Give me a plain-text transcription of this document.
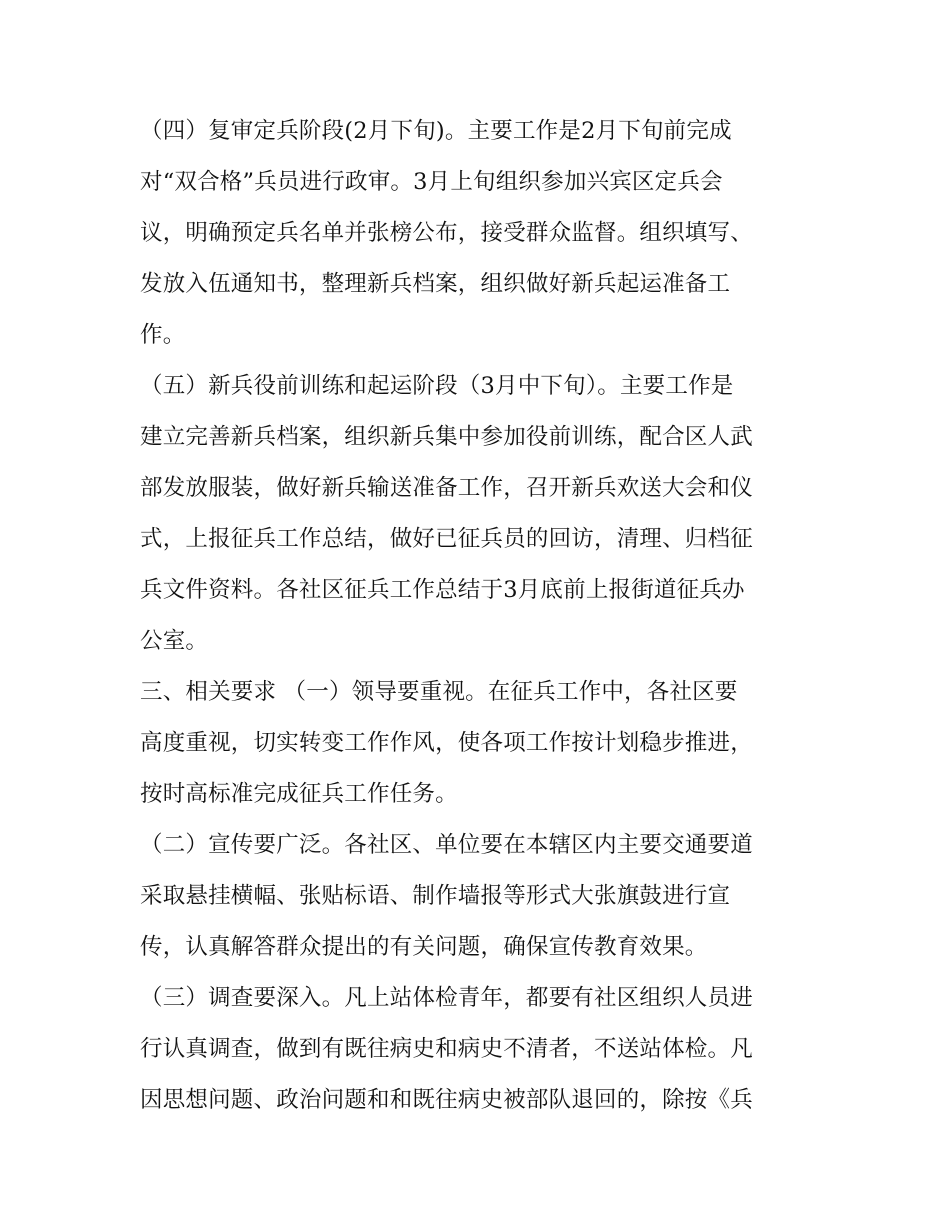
（四）复审定兵阶段(2月下旬)。主要工作是2月下旬前完成

对“双合格”兵员进行政审。3月上旬组织参加兴宾区定兵会

议，明确预定兵名单并张榜公布，接受群众监督。组织填写、

发放入伍通知书，整理新兵档案，组织做好新兵起运准备工

作。

（五）新兵役前训练和起运阶段（3月中下旬）。主要工作是

建立完善新兵档案，组织新兵集中参加役前训练，配合区人武

部发放服装，做好新兵输送准备工作，召开新兵欢送大会和仪

式，上报征兵工作总结，做好已征兵员的回访，清理、归档征

兵文件资料。各社区征兵工作总结于3月底前上报街道征兵办

公室。

三、相关要求 （一）领导要重视。在征兵工作中，各社区要

高度重视，切实转变工作作风，使各项工作按计划稳步推进，

按时高标准完成征兵工作任务。

（二）宣传要广泛。各社区、单位要在本辖区内主要交通要道

采取悬挂横幅、张贴标语、制作墙报等形式大张旗鼓进行宣

传，认真解答群众提出的有关问题，确保宣传教育效果。

（三）调查要深入。凡上站体检青年，都要有社区组织人员进

行认真调查，做到有既往病史和病史不清者，不送站体检。凡

因思想问题、政治问题和和既往病史被部队退回的，除按《兵
